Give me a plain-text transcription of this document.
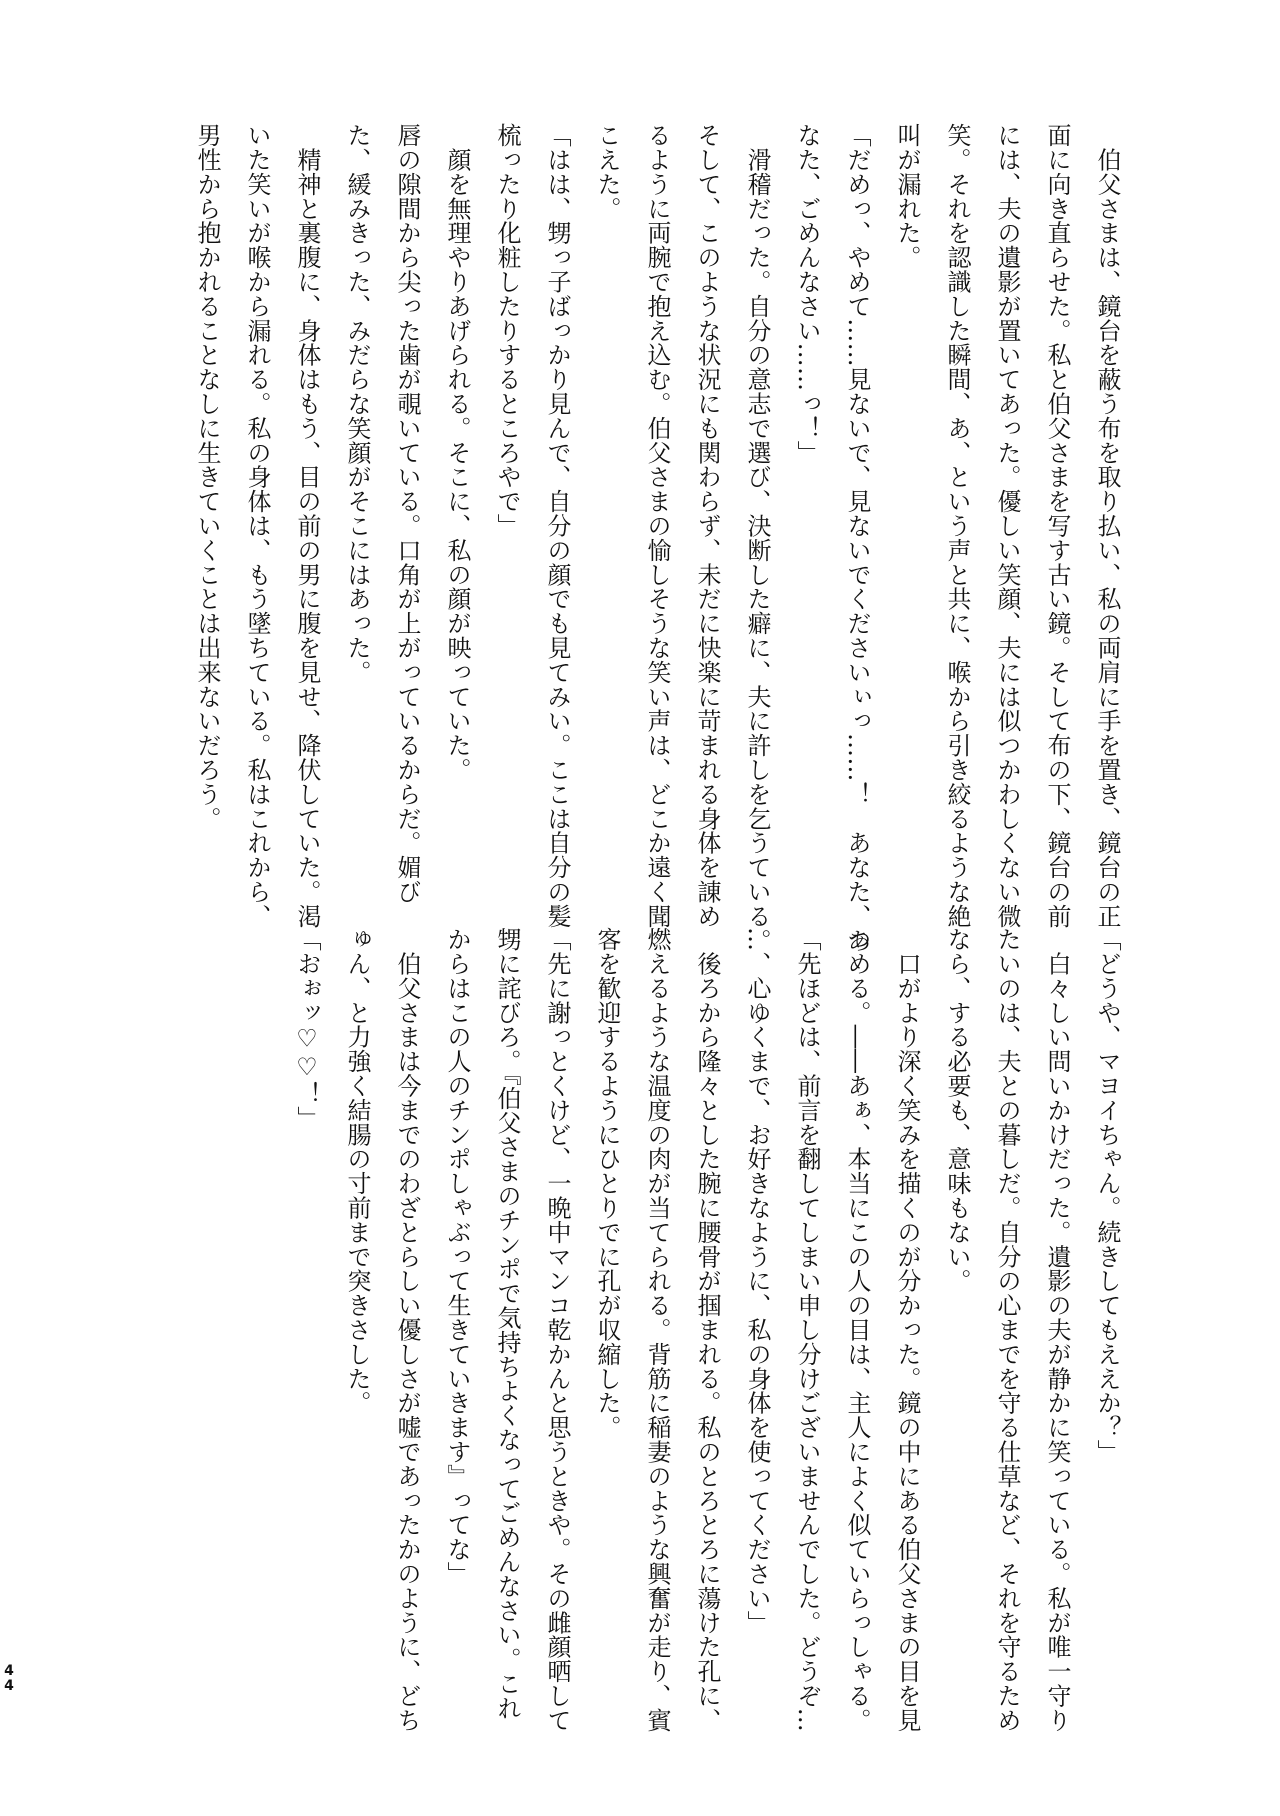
　伯父さまは、鏡台を蔽う布を取り払い、私の両肩に手を置き、鏡台の正
面に向き直らせた。私と伯父さまを写す古い鏡。そして布の下、鏡台の前
には、夫の遺影が置いてあった。優しい笑顔、夫には似つかわしくない微
笑。それを認識した瞬間、あ、という声と共に、喉から引き絞るような絶
叫が漏れた。
「だめっ、やめて……見ないで、見ないでくださいぃっ……！　あなた、あ
なた、ごめんなさい……っ！」
　滑稽だった。自分の意志で選び、決断した癖に、夫に許しを乞うている。
そして、このような状況にも関わらず、未だに快楽に苛まれる身体を諌め
るように両腕で抱え込む。伯父さまの愉しそうな笑い声は、どこか遠く聞
こえた。
「はは、甥っ子ばっかり見んで、自分の顔でも見てみい。ここは自分の髪
梳ったり化粧したりするところやで」
　顔を無理やりあげられる。そこに、私の顔が映っていた。
唇の隙間から尖った歯が覗いている。口角が上がっているからだ。媚び
た、緩みきった、みだらな笑顔がそこにはあった。
　精神と裏腹に、身体はもう、目の前の男に腹を見せ、降伏していた。渇
いた笑いが喉から漏れる。私の身体は、もう墜ちている。私はこれから、
男性から抱かれることなしに生きていくことは出来ないだろう。
「どうや、マヨイちゃん。続きしてもええか？」
　白々しい問いかけだった。遺影の夫が静かに笑っている。私が唯一守り
たいのは、夫との暮しだ。自分の心までを守る仕草など、それを守るため
なら、する必要も、意味もない。
　口がより深く笑みを描くのが分かった。鏡の中にある伯父さまの目を見
つめる。――あぁ、本当にこの人の目は、主人によく似ていらっしゃる。
「先ほどは、前言を翻してしまい申し分けございませんでした。どうぞ…
…、心ゆくまで、お好きなように、私の身体を使ってください」
　後ろから隆々とした腕に腰骨が掴まれる。私のとろとろに蕩けた孔に、
燃えるような温度の肉が当てられる。背筋に稲妻のような興奮が走り、賓
客を歓迎するようにひとりでに孔が収縮した。
「先に謝っとくけど、一晩中マンコ乾かんと思うときや。その雌顔晒して
甥に詫びろ。『伯父さまのチンポで気持ちよくなってごめんなさい。これ
からはこの人のチンポしゃぶって生きていきます』ってな」
　伯父さまは今までのわざとらしい優しさが嘘であったかのように、どち
ゅん、と力強く結腸の寸前まで突きさした。
「おぉッ♡♡！」
44
